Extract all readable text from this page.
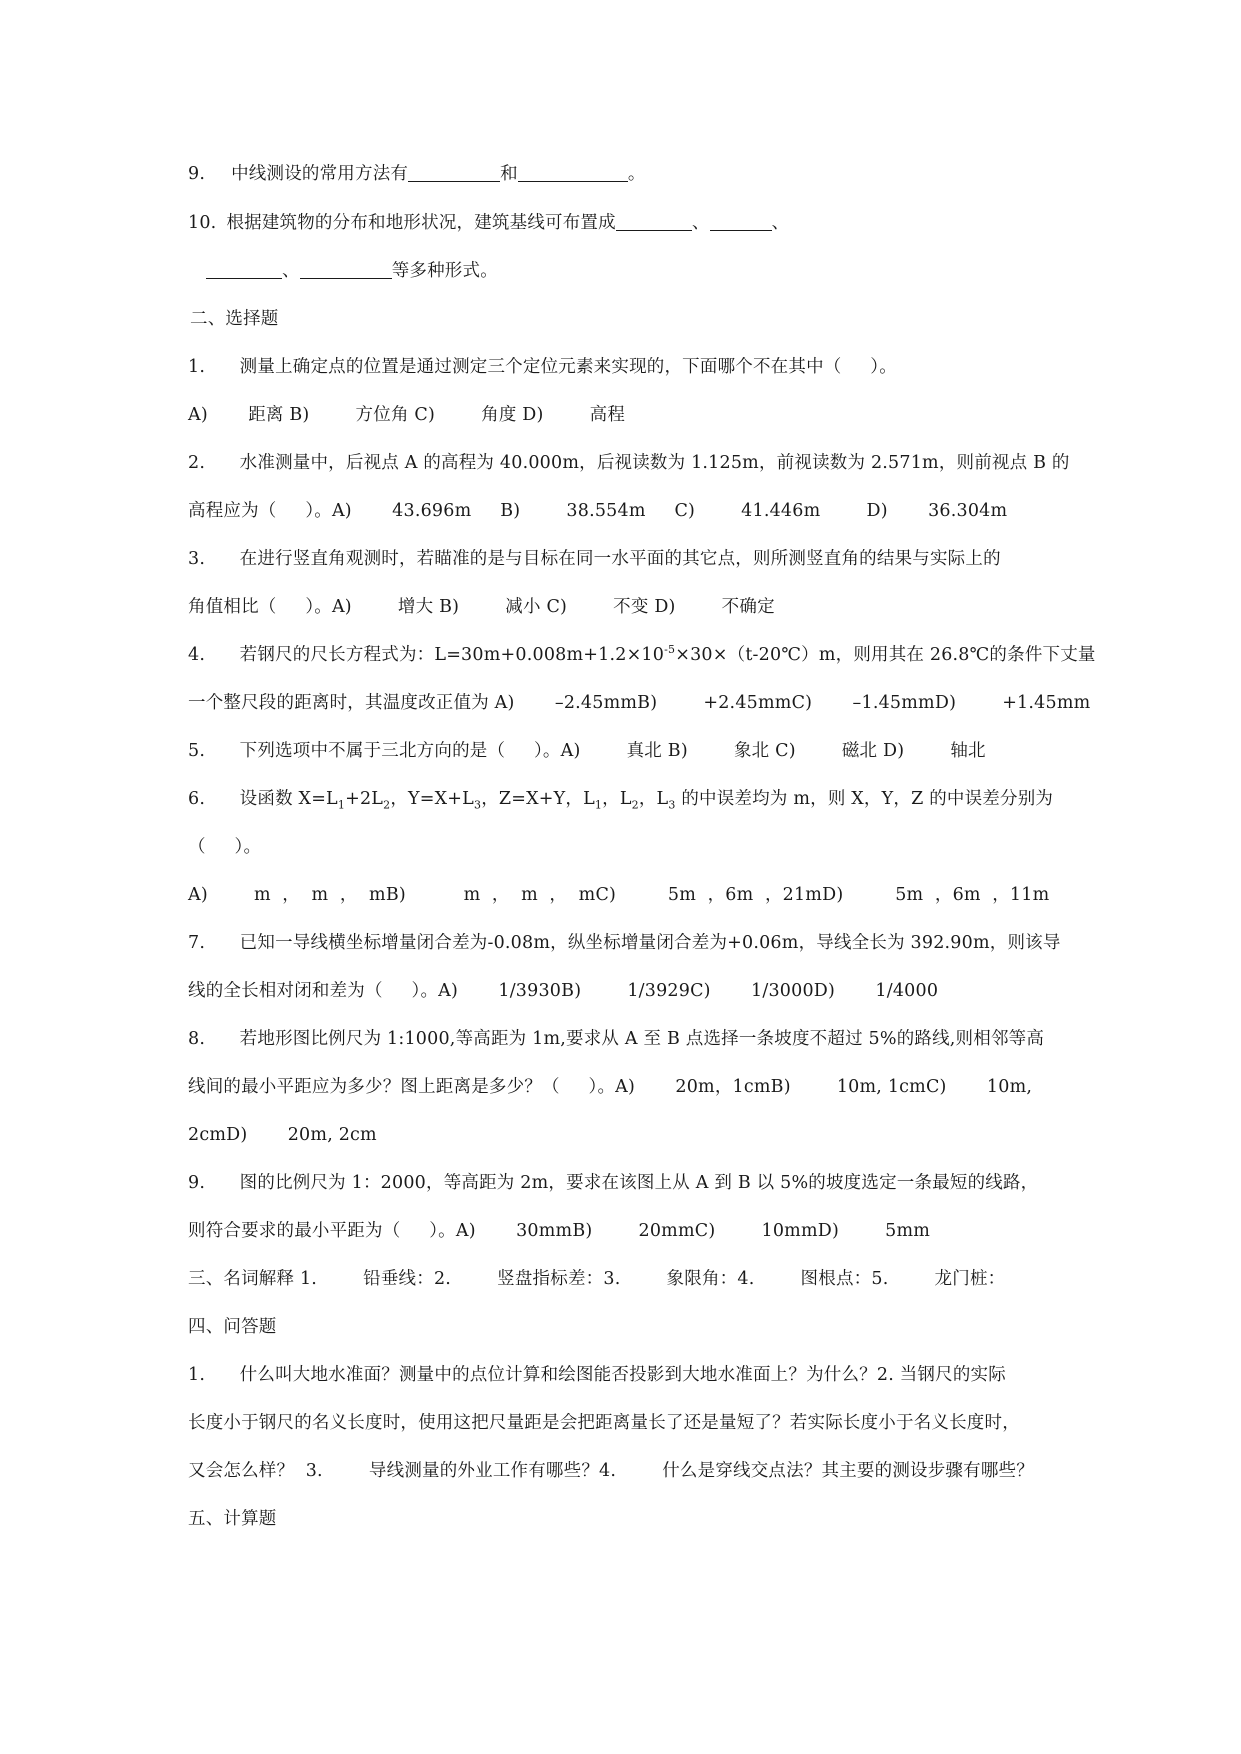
9. 中线测设的常用方法有	和	。
10. 根据建筑物的分布和地形状况，建筑基线可布置成	、	、
、	等多种形式。
二、选择题
1.      测量上确定点的位置是通过测定三个定位元素来实现的，下面哪个不在其中（     ）。
A)       距离 B)        方位角 C)        角度 D)        高程
2.      水准测量中，后视点 A 的高程为 40.000m，后视读数为 1.125m，前视读数为 2.571m，则前视点 B 的
高程应为（     ）。A)       43.696m     B)        38.554m     C)        41.446m        D)       36.304m
3.      在进行竖直角观测时，若瞄准的是与目标在同一水平面的其它点，则所测竖直角的结果与实际上的
角值相比（     ）。A)        增大 B)        减小 C)        不变 D)        不确定
4.      若钢尺的尺长方程式为：$L=30m+0.008m+1.2\times 10^{-5}\times 30\times(t-20℃)m$，则用其在 26.8℃的条件下丈量
一个整尺段的距离时，其温度改正值为 A)       –2.45mmB)        +2.45mmC)       –1.45mmD)        +1.45mm
5.      下列选项中不属于三北方向的是（     ）。A)        真北 B)        象北 C)        磁北 D)        轴北
6.      设函数 $X=L_1+2L_2$，$Y=X+L_3$，Z=X+Y，$L_1$，$L_2$，$L_3$ 的中误差均为 m，则 X，Y，Z 的中误差分别为
（     ）。
A)        m  ，  m  ，  mB)          m  ，  m  ，  mC)         5m  ，6m  ，21mD)         5m  ，6m  ，11m
7.      已知一导线横坐标增量闭合差为-0.08m，纵坐标增量闭合差为+0.06m，导线全长为 392.90m，则该导
线的全长相对闭和差为（     ）。A)       1/3930B)        1/3929C)       1/3000D)       1/4000
8.      若地形图比例尺为 1:1000,等高距为 1m,要求从 A 至 B 点选择一条坡度不超过 5%的路线,则相邻等高
线间的最小平距应为多少？图上距离是多少？（     ）。A)       20m，1cmB)        10m, 1cmC)       10m,
2cmD)       20m, 2cm
9.      图的比例尺为 1：2000，等高距为 2m，要求在该图上从 A 到 B 以 5%的坡度选定一条最短的线路，
则符合要求的最小平距为（     ）。A)       30mmB)        20mmC)        10mmD)        5mm
三、名词解释 1.        铅垂线：2.        竖盘指标差：3.        象限角：4.        图根点：5.        龙门桩：
四、问答题
1.      什么叫大地水准面？测量中的点位计算和绘图能否投影到大地水准面上？为什么？2. 当钢尺的实际
长度小于钢尺的名义长度时，使用这把尺量距是会把距离量长了还是量短了？若实际长度小于名义长度时，
又会怎么样？  3.        导线测量的外业工作有哪些？4.        什么是穿线交点法？其主要的测设步骤有哪些？
五、计算题
